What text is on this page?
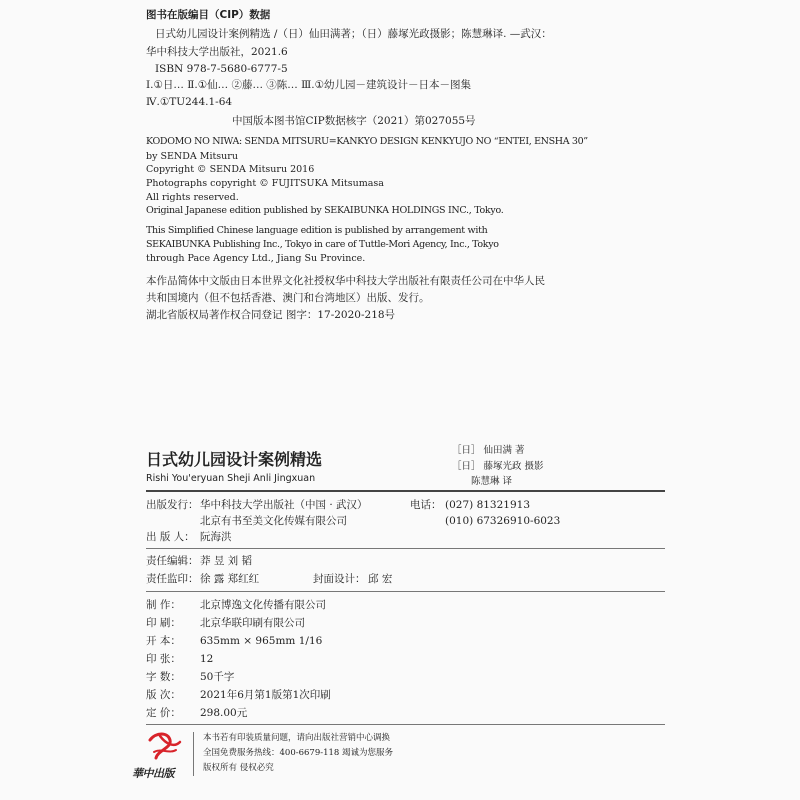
图书在版编目（CIP）数据
日式幼儿园设计案例精选 /（日）仙田满著；（日）藤塚光政摄影；陈慧琳译. —武汉：
华中科技大学出版社，2021.6
ISBN 978-7-5680-6777-5
Ⅰ.①日… Ⅱ.①仙… ②藤… ③陈… Ⅲ.①幼儿园－建筑设计－日本－图集
Ⅳ.①TU244.1-64
中国版本图书馆CIP数据核字（2021）第027055号
KODOMO NO NIWA: SENDA MITSURU=KANKYO DESIGN KENKYUJO NO “ENTEI, ENSHA 30”
by SENDA Mitsuru
Copyright © SENDA Mitsuru 2016
Photographs copyright © FUJITSUKA Mitsumasa
All rights reserved.
Original Japanese edition published by SEKAIBUNKA HOLDINGS INC., Tokyo.
This Simplified Chinese language edition is published by arrangement with
SEKAIBUNKA Publishing Inc., Tokyo in care of Tuttle-Mori Agency, Inc., Tokyo
through Pace Agency Ltd., Jiang Su Province.
本作品简体中文版由日本世界文化社授权华中科技大学出版社有限责任公司在中华人民
共和国境内（但不包括香港、澳门和台湾地区）出版、发行。
湖北省版权局著作权合同登记 图字：17-2020-218号
日式幼儿园设计案例精选
Rishi You'eryuan Sheji Anli Jingxuan
［日］ 仙田满 著
［日］ 藤塚光政 摄影
陈慧琳 译
出版发行： 华中科技大学出版社（中国 · 武汉）
北京有书至美文化传媒有限公司
电话： (027) 81321913
(010) 67326910-6023
出 版 人： 阮海洪
责任编辑： 莽 昱 刘 韬
责任监印： 徐 露 郑红红	封面设计： 邱 宏
制 作： 北京博逸文化传播有限公司
印 刷： 北京华联印刷有限公司
开 本： 635mm × 965mm 1/16
印 张： 12
字 数： 50千字
版 次： 2021年6月第1版第1次印刷
定 价： 298.00元
華中出版
本书若有印装质量问题，请向出版社营销中心调换
全国免费服务热线：400-6679-118 竭诚为您服务
版权所有 侵权必究
